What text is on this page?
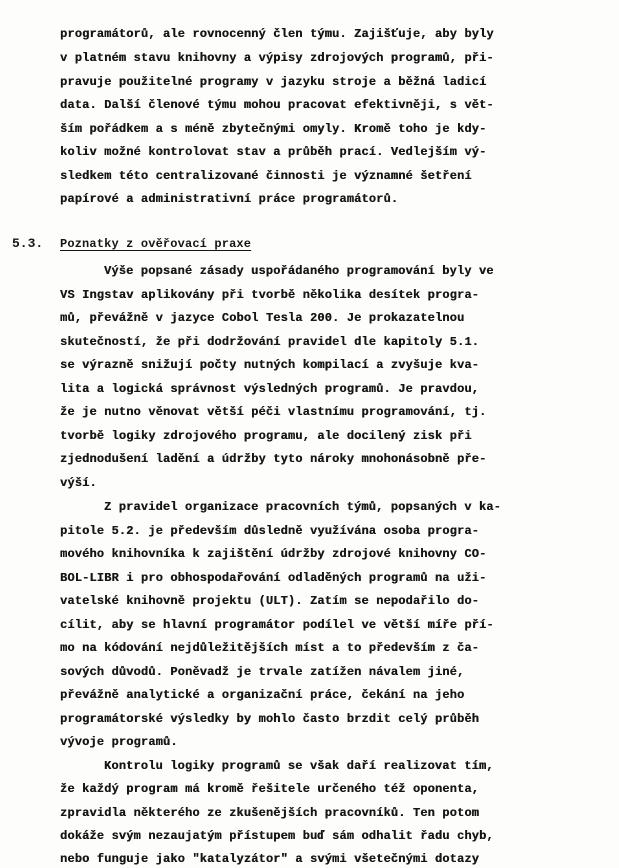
programátorů, ale rovnocenný člen týmu. Zajišťuje, aby byly
v platném stavu knihovny a výpisy zdrojových programů, při-
pravuje použitelné programy v jazyku stroje a běžná ladicí
data. Další členové týmu mohou pracovat efektivněji, s vět-
ším pořádkem a s méně zbytečnými omyly. Kromě toho je kdy-
koliv možné kontrolovat stav a průběh prací. Vedlejším vý-
sledkem této centralizované činnosti je významné šetření
papírové a administrativní práce programátorů.
5.3. Poznatky z ověřovací praxe
Výše popsané zásady uspořádaného programování byly ve
VS Ingstav aplikovány při tvorbě několika desítek progra-
mů, převážně v jazyce Cobol Tesla 200. Je prokazatelnou
skutečností, že při dodržování pravidel dle kapitoly 5.1.
se výrazně snižují počty nutných kompilací a zvyšuje kva-
lita a logická správnost výsledných programů. Je pravdou,
že je nutno věnovat větší péči vlastnímu programování, tj.
tvorbě logiky zdrojového programu, ale docilený zisk při
zjednodušení ladění a údržby tyto nároky mnohonásobně pře-
výší.
Z pravidel organizace pracovních týmů, popsaných v ka-
pitole 5.2. je především důsledně využívána osoba progra-
mového knihovníka k zajištění údržby zdrojové knihovny CO-
BOL-LIBR i pro obhospodařování odladěných programů na uži-
vatelské knihovně projektu (ULT). Zatím se nepodařilo do-
cílit, aby se hlavní programátor podílel ve větší míře pří-
mo na kódování nejdůležitějších míst a to především z ča-
sových důvodů. Poněvadž je trvale zatížen návalem jiné,
převážně analytické a organizační práce, čekání na jeho
programátorské výsledky by mohlo často brzdit celý průběh
vývoje programů.
Kontrolu logiky programů se však daří realizovat tím,
že každý program má kromě řešitele určeného též oponenta,
zpravidla některého ze zkušenějších pracovníků. Ten potom
dokáže svým nezaujatým přístupem buď sám odhalit řadu chyb,
nebo funguje jako "katalyzátor" a svými všetečnými dotazy
